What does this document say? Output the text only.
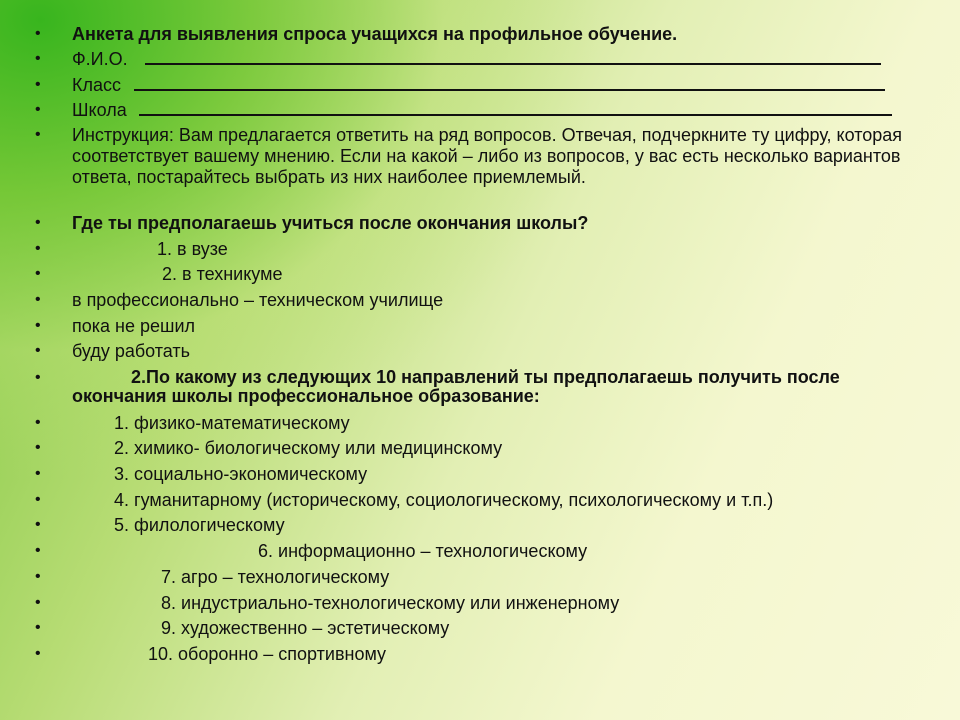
• Анкета для выявления спроса учащихся на профильное обучение.
• Ф.И.О.
• Класс
• Школа
• Инструкция: Вам предлагается ответить на ряд вопросов. Отвечая, подчеркните ту цифру, которая соответствует вашему мнению. Если на какой – либо из вопросов, у вас есть несколько вариантов ответа, постарайтесь выбрать из них наиболее приемлемый.
• Где ты предполагаешь учиться после окончания школы?
•	1. в вузе
•	2. в техникуме
• в профессионально – техническом училище
• пока не решил
• буду работать
•	2.По какому из следующих 10 направлений ты предполагаешь получить после окончания школы профессиональное образование:
•	1. физико-математическому
•	2. химико- биологическому или медицинскому
•	3. социально-экономическому
•	4. гуманитарному (историческому, социологическому, психологическому и т.п.)
•	5. филологическому
•	6. информационно – технологическому
•	7. агро – технологическому
•	8. индустриально-технологическому или инженерному
•	9. художественно – эстетическому
•	10. оборонно – спортивному
